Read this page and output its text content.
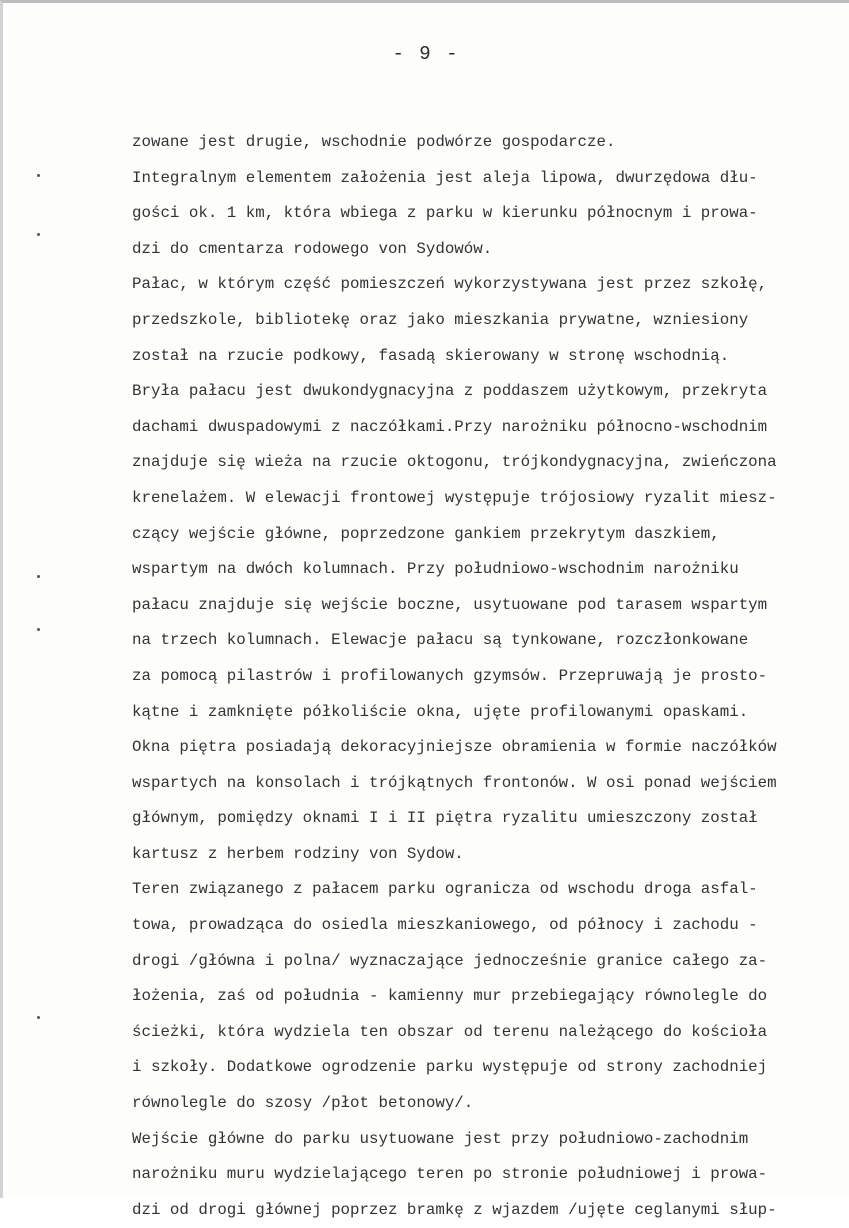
- 9 -
zowane jest drugie, wschodnie podwórze gospodarcze.
Integralnym elementem założenia jest aleja lipowa, dwurzędowa dłu-
gości ok. 1 km, która wbiega z parku w kierunku północnym i prowa-
dzi do cmentarza rodowego von Sydowów.
Pałac, w którym część pomieszczeń wykorzystywana jest przez szkołę,
przedszkole, bibliotekę oraz jako mieszkania prywatne, wzniesiony
został na rzucie podkowy, fasadą skierowany w stronę wschodnią.
Bryła pałacu jest dwukondygnacyjna z poddaszem użytkowym, przekryta
dachami dwuspadowymi z naczółkami.Przy narożniku północno-wschodnim
znajduje się wieża na rzucie oktogonu, trójkondygnacyjna, zwieńczona
krenelażem. W elewacji frontowej występuje trójosiowy ryzalit miesz-
czący wejście główne, poprzedzone gankiem przekrytym daszkiem,
wspartym na dwóch kolumnach. Przy południowo-wschodnim narożniku
pałacu znajduje się wejście boczne, usytuowane pod tarasem wspartym
na trzech kolumnach. Elewacje pałacu są tynkowane, rozczłonkowane
za pomocą pilastrów i profilowanych gzymsów. Przepruwają je prosto-
kątne i zamknięte półkoliście okna, ujęte profilowanymi opaskami.
Okna piętra posiadają dekoracyjniejsze obramienia w formie naczółków
wspartych na konsolach i trójkątnych frontonów. W osi ponad wejściem
głównym, pomiędzy oknami I i II piętra ryzalitu umieszczony został
kartusz z herbem rodziny von Sydow.
Teren związanego z pałacem parku ogranicza od wschodu droga asfal-
towa, prowadząca do osiedla mieszkaniowego, od północy i zachodu -
drogi /główna i polna/ wyznaczające jednocześnie granice całego za-
łożenia, zaś od południa - kamienny mur przebiegający równolegle do
ścieżki, która wydziela ten obszar od terenu należącego do kościoła
i szkoły. Dodatkowe ogrodzenie parku występuje od strony zachodniej
równolegle do szosy /płot betonowy/.
Wejście główne do parku usytuowane jest przy południowo-zachodnim
narożniku muru wydzielającego teren po stronie południowej i prowa-
dzi od drogi głównej poprzez bramkę z wjazdem /ujęte ceglanymi słup-
